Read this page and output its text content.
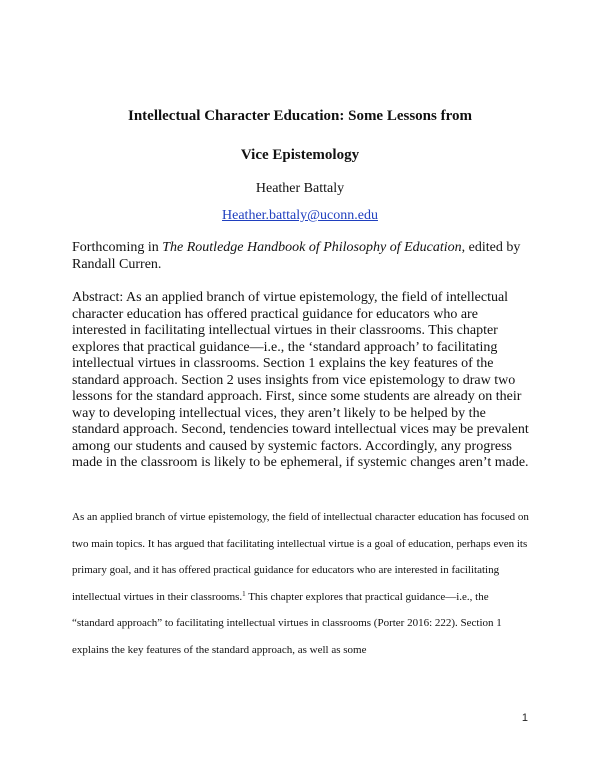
Intellectual Character Education: Some Lessons from
Vice Epistemology
Heather Battaly
Heather.battaly@uconn.edu

Forthcoming in The Routledge Handbook of Philosophy of Education, edited by Randall Curren.

Abstract: As an applied branch of virtue epistemology, the field of intellectual character education has offered practical guidance for educators who are interested in facilitating intellectual virtues in their classrooms. This chapter explores that practical guidance—i.e., the ‘standard approach’ to facilitating intellectual virtues in classrooms. Section 1 explains the key features of the standard approach. Section 2 uses insights from vice epistemology to draw two lessons for the standard approach. First, since some students are already on their way to developing intellectual vices, they aren’t likely to be helped by the standard approach. Second, tendencies toward intellectual vices may be prevalent among our students and caused by systemic factors. Accordingly, any progress made in the classroom is likely to be ephemeral, if systemic changes aren’t made.

As an applied branch of virtue epistemology, the field of intellectual character education has focused on two main topics. It has argued that facilitating intellectual virtue is a goal of education, perhaps even its primary goal, and it has offered practical guidance for educators who are interested in facilitating intellectual virtues in their classrooms.$^1$ This chapter explores that practical guidance—i.e., the “standard approach” to facilitating intellectual virtues in classrooms (Porter 2016: 222). Section 1 explains the key features of the standard approach, as well as some

1
